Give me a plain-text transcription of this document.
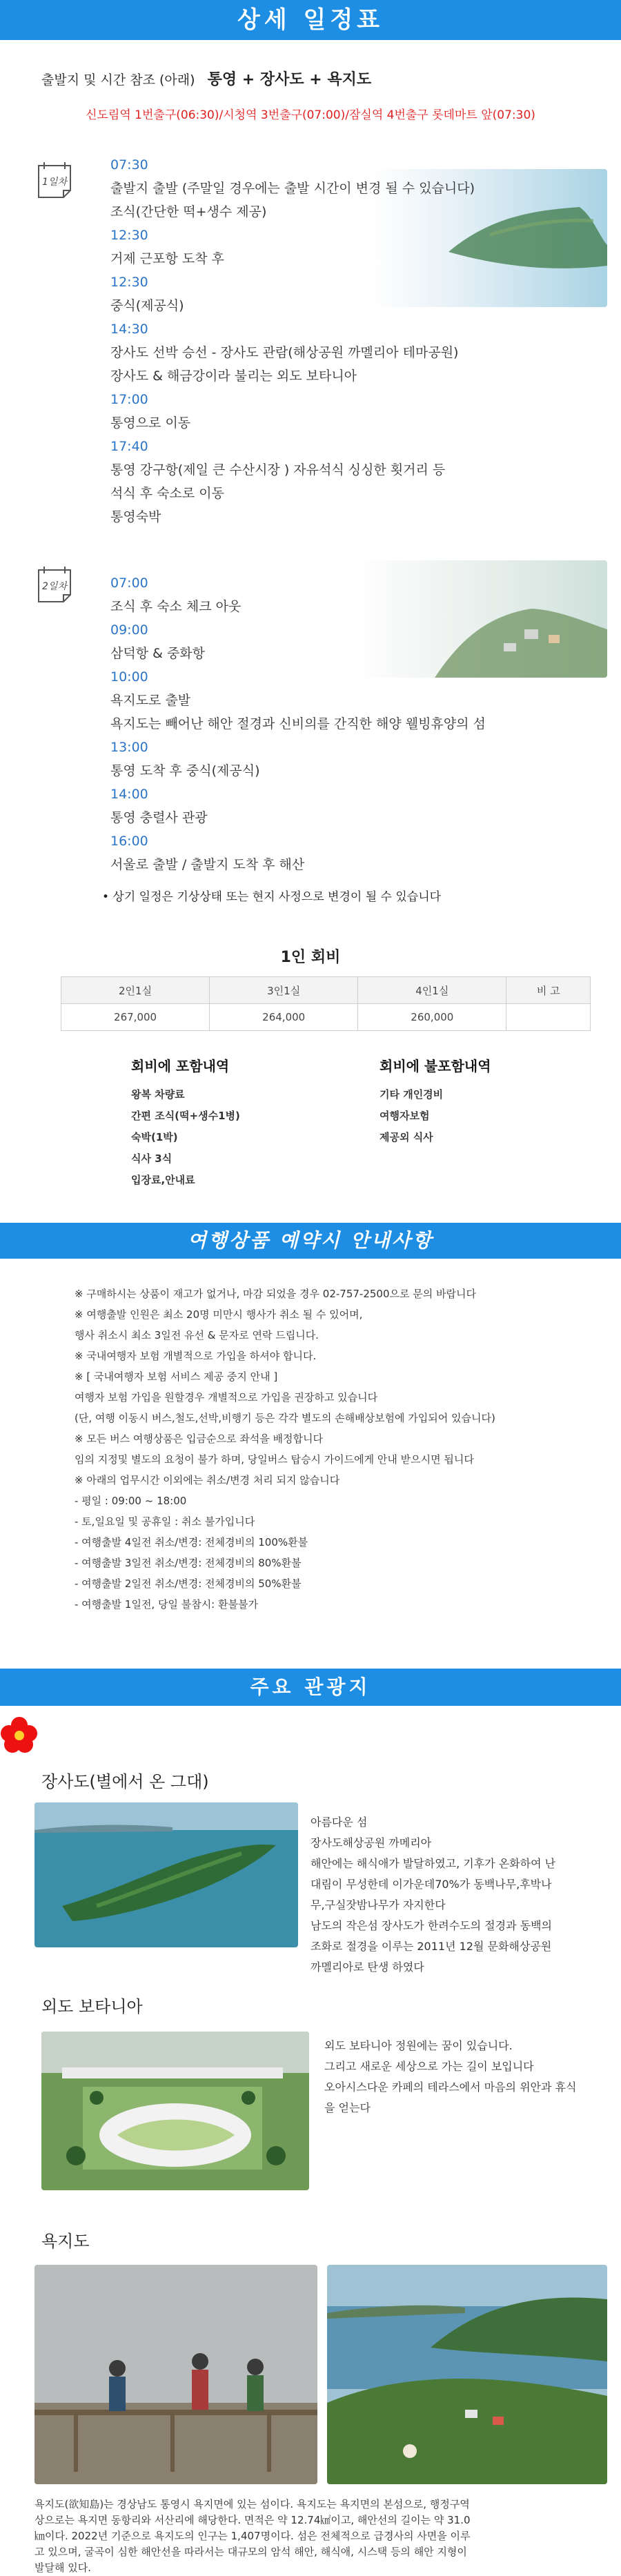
상세 일정표
출발지 및 시간 참조 (아래) 통영 + 장사도 + 욕지도
신도림역 1번출구(06:30)/시청역 3번출구(07:00)/잠실역 4번출구 롯데마트 앞(07:30)
1일차
07:30
출발지 출발 (주말일 경우에는 출발 시간이 변경 될 수 있습니다)
조식(간단한 떡+생수 제공)
12:30
거제 근포항 도착 후
12:30
중식(제공식)
14:30
장사도 선박 승선 - 장사도 관람(해상공원 까멜리아 테마공원)
장사도 & 해금강이라 불리는 외도 보타니아
17:00
통영으로 이동
17:40
통영 강구항(제일 큰 수산시장 ) 자유석식 싱싱한 횟거리 등
석식 후 숙소로 이동
통영숙박
2일차	07:00
조식 후 숙소 체크 아웃
09:00
삼덕항 & 중화항
10:00
욕지도로 출발
욕지도는 빼어난 해안 절경과 신비의를 간직한 해양 웰빙휴양의 섬
13:00
통영 도착 후 중식(제공식)
14:00
통영 충렬사 관광
16:00
서울로 출발 / 출발지 도착 후 해산
• 상기 일정은 기상상태 또는 현지 사정으로 변경이 될 수 있습니다
1인 회비
2인1실	3인1실	4인1실	비 고
267,000	264,000	260,000	
회비에 포함내역
왕복 차량료
간편 조식(떡+생수1병)
숙박(1박)
식사 3식
입장료,안내료
회비에 불포함내역
기타 개인경비
여행자보험
제공외 식사
여행상품 예약시 안내사항
※ 구매하시는 상품이 재고가 없거나, 마감 되었을 경우 02-757-2500으로 문의 바랍니다
※ 여행출발 인원은 최소 20명 미만시 행사가 취소 될 수 있어며,
행사 취소시 최소 3일전 유선 & 문자로 연락 드립니다.
※ 국내여행자 보험 개별적으로 가입을 하셔야 합니다.
※ [ 국내여행자 보험 서비스 제공 중지 안내 ]
여행자 보험 가입을 원할경우 개별적으로 가입을 권장하고 있습니다
(단, 여행 이동시 버스,철도,선박,비행기 등은 각각 별도의 손해배상보험에 가입되어 있습니다)
※ 모든 버스 여행상품은 입금순으로 좌석을 배정합니다
임의 지정및 별도의 요청이 불가 하며, 당일버스 탑승시 가이드에게 안내 받으시면 됩니다
※ 아래의 업무시간 이외에는 취소/변경 처리 되지 않습니다
- 평일 : 09:00 ~ 18:00
- 토,일요일 및 공휴일 : 취소 불가입니다
- 여행출발 4일전 취소/변경: 전체경비의 100%환불
- 여행출발 3일전 취소/변경: 전체경비의 80%환불
- 여행출발 2일전 취소/변경: 전체경비의 50%환불
- 여행출발 1일전, 당일 불참시: 환불불가
주요 관광지
장사도(별에서 온 그대)
아름다운 섬
장사도해상공원 까메리아
해안에는 해식애가 발달하였고, 기후가 온화하여 난
대림이 무성한데 이가운데70%가 동백나무,후박나
무,구실잣밤나무가 자지한다
남도의 작은섬 장사도가 한려수도의 절경과 동백의
조화로 절경을 이루는 2011년 12월 문화해상공원
까멜리아로 탄생 하였다
외도 보타니아
외도 보타니아 정원에는 꿈이 있습니다.
그리고 새로운 세상으로 가는 길이 보입니다
오아시스다운 카페의 테라스에서 마음의 위안과 휴식
을 얻는다
욕지도
욕지도(欲知島)는 경상남도 통영시 욕지면에 있는 섬이다. 욕지도는 욕지면의 본섬으로, 행정구역
상으로는 욕지면 동항리와 서산리에 해당한다. 면적은 약 12.74㎢이고, 해안선의 길이는 약 31.0
㎞이다. 2022년 기준으로 욕지도의 인구는 1,407명이다. 섬은 전체적으로 급경사의 사면을 이루
고 있으며, 굴곡이 심한 해안선을 따라서는 대규모의 암석 해안, 해식애, 시스택 등의 해안 지형이
발달해 있다.
